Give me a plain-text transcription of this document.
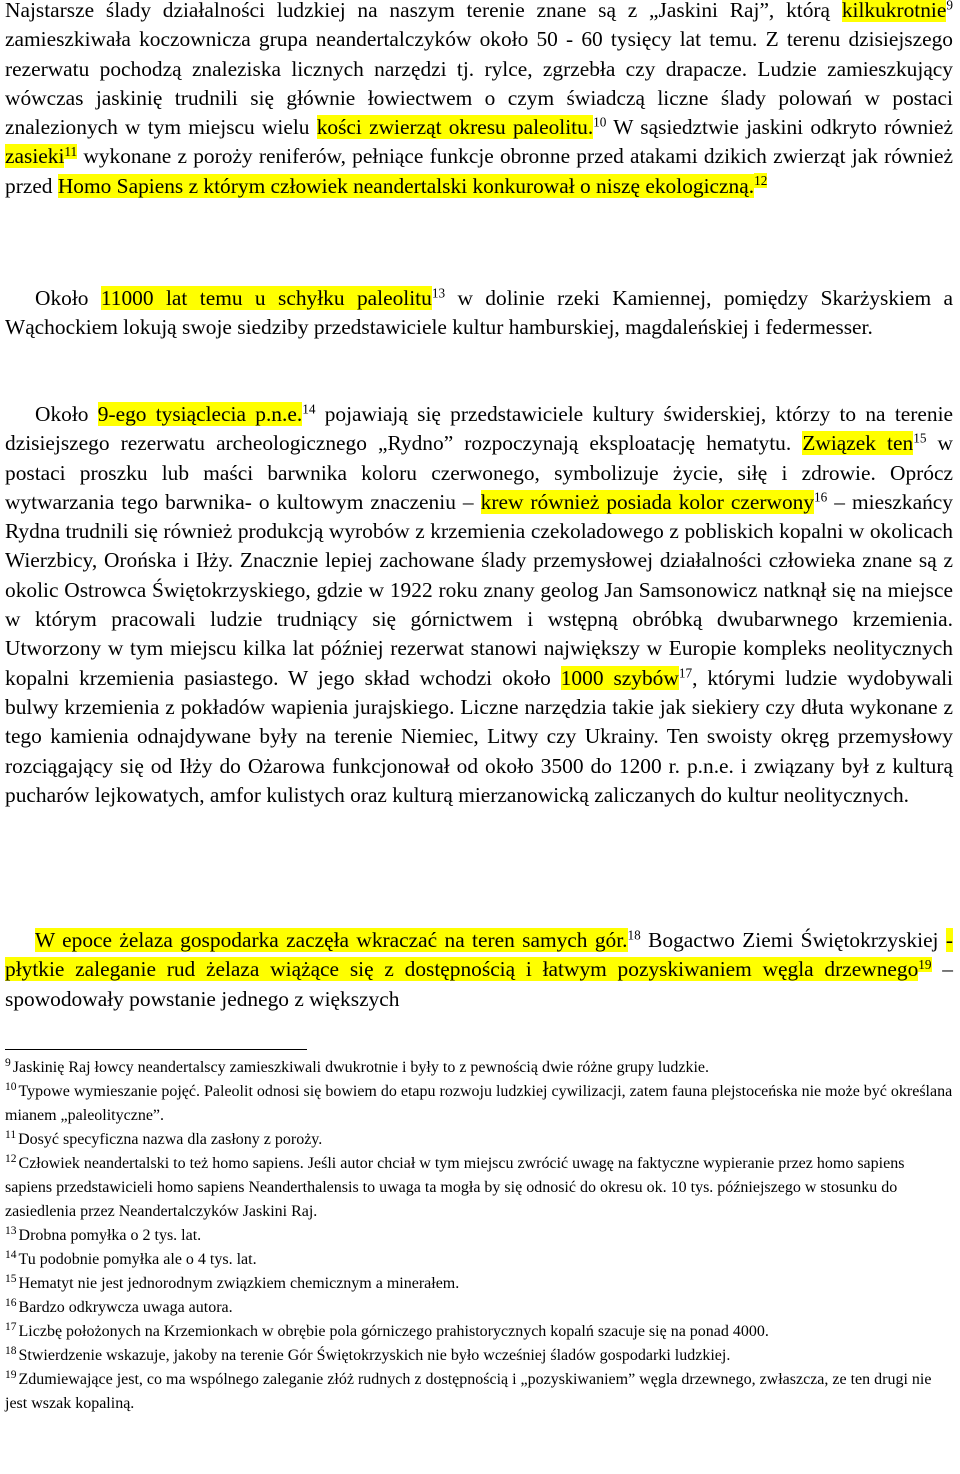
Najstarsze ślady działalności ludzkiej na naszym terenie znane są z „Jaskini Raj”, którą kilkukrotnie$^9$ zamieszkiwała koczownicza grupa neandertalczyków około 50 - 60 tysięcy lat temu. Z terenu dzisiejszego rezerwatu pochodzą znaleziska licznych narzędzi tj. rylce, zgrzebła czy drapacze. Ludzie zamieszkujący wówczas jaskinię trudnili się głównie łowiectwem o czym świadczą liczne ślady polowań w postaci znalezionych w tym miejscu wielu kości zwierząt okresu paleolitu.$^{10}$ W sąsiedztwie jaskini odkryto również zasieki$^{11}$ wykonane z poroży reniferów, pełniące funkcje obronne przed atakami dzikich zwierząt jak również przed Homo Sapiens z którym człowiek neandertalski konkurował o niszę ekologiczną.$^{12}$

Około 11000 lat temu u schyłku paleolitu$^{13}$ w dolinie rzeki Kamiennej, pomiędzy Skarżyskiem a Wąchockiem lokują swoje siedziby przedstawiciele kultur hamburskiej, magdaleńskiej i federmesser.

Około 9-ego tysiąclecia p.n.e.$^{14}$ pojawiają się przedstawiciele kultury świderskiej, którzy to na terenie dzisiejszego rezerwatu archeologicznego „Rydno” rozpoczynają eksploatację hematytu. Związek ten$^{15}$ w postaci proszku lub maści barwnika koloru czerwonego, symbolizuje życie, siłę i zdrowie. Oprócz wytwarzania tego barwnika- o kultowym znaczeniu – krew również posiada kolor czerwony$^{16}$ – mieszkańcy Rydna trudnili się również produkcją wyrobów z krzemienia czekoladowego z pobliskich kopalni w okolicach Wierzbicy, Orońska i Iłży. Znacznie lepiej zachowane ślady przemysłowej działalności człowieka znane są z okolic Ostrowca Świętokrzyskiego, gdzie w 1922 roku znany geolog Jan Samsonowicz natknął się na miejsce w którym pracowali ludzie trudniący się górnictwem i wstępną obróbką dwubarwnego krzemienia. Utworzony w tym miejscu kilka lat później rezerwat stanowi największy w Europie kompleks neolitycznych kopalni krzemienia pasiastego. W jego skład wchodzi około 1000 szybów$^{17}$, którymi ludzie wydobywali bulwy krzemienia z pokładów wapienia jurajskiego. Liczne narzędzia takie jak siekiery czy dłuta wykonane z tego kamienia odnajdywane były na terenie Niemiec, Litwy czy Ukrainy. Ten swoisty okręg przemysłowy rozciągający się od Iłży do Ożarowa funkcjonował od około 3500 do 1200 r. p.n.e. i związany był z kulturą pucharów lejkowatych, amfor kulistych oraz kulturą mierzanowicką zaliczanych do kultur neolitycznych.

W epoce żelaza gospodarka zaczęła wkraczać na teren samych gór.$^{18}$ Bogactwo Ziemi Świętokrzyskiej - płytkie zaleganie rud żelaza wiążące się z dostępnością i łatwym pozyskiwaniem węgla drzewnego$^{19}$ – spowodowały powstanie jednego z większych

$^9$ Jaskinię Raj łowcy neandertalscy zamieszkiwali dwukrotnie i były to z pewnością dwie różne grupy ludzkie.

$^{10}$ Typowe wymieszanie pojęć. Paleolit odnosi się bowiem do etapu rozwoju ludzkiej cywilizacji, zatem fauna plejstoceńska nie może być określana mianem „paleolityczne”.

$^{11}$ Dosyć specyficzna nazwa dla zasłony z poroży.

$^{12}$ Człowiek neandertalski to też homo sapiens. Jeśli autor chciał w tym miejscu zwrócić uwagę na faktyczne wypieranie przez homo sapiens sapiens przedstawicieli homo sapiens Neanderthalensis to uwaga ta mogła by się odnosić do okresu ok. 10 tys. późniejszego w stosunku do zasiedlenia przez Neandertalczyków Jaskini Raj.

$^{13}$ Drobna pomyłka o 2 tys. lat.

$^{14}$ Tu podobnie pomyłka ale o 4 tys. lat.

$^{15}$ Hematyt nie jest jednorodnym związkiem chemicznym a minerałem.

$^{16}$ Bardzo odkrywcza uwaga autora.

$^{17}$ Liczbę położonych na Krzemionkach w obrębie pola górniczego prahistorycznych kopalń szacuje się na ponad 4000.

$^{18}$ Stwierdzenie wskazuje, jakoby na terenie Gór Świętokrzyskich nie było wcześniej śladów gospodarki ludzkiej.

$^{19}$ Zdumiewające jest, co ma wspólnego zaleganie złóż rudnych z dostępnością i „pozyskiwaniem” węgla drzewnego, zwłaszcza, ze ten drugi nie jest wszak kopaliną.
